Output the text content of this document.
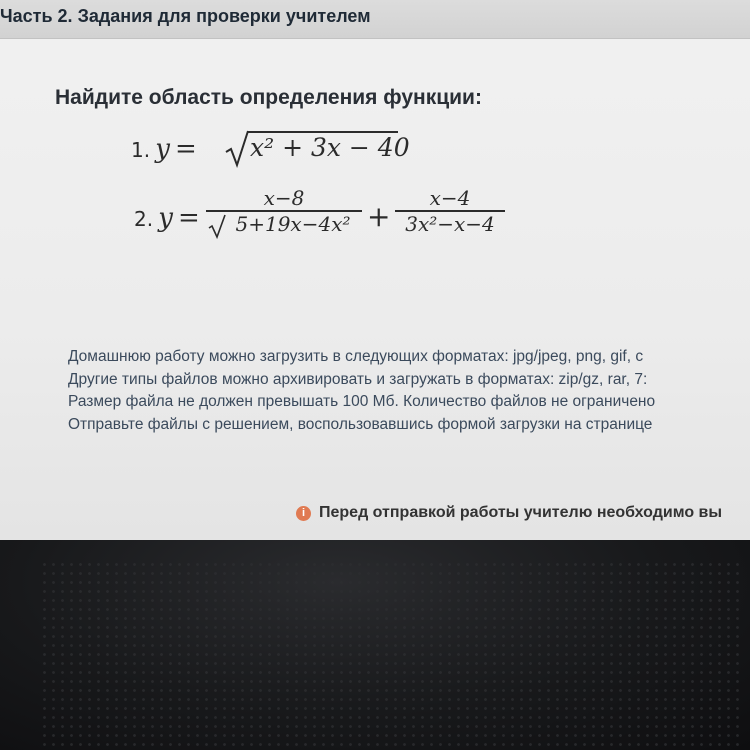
Часть 2. Задания для проверки учителем
Найдите область определения функции:
1. y = x² + 3x − 40
2. y =
x−8
5+19x−4x² +
x−4
3x²−x−4
Домашнюю работу можно загрузить в следующих форматах: jpg/jpeg, png, gif, c
Другие типы файлов можно архивировать и загружать в форматах: zip/gz, rar, 7:
Размер файла не должен превышать 100 Мб. Количество файлов не ограничено
Отправьте файлы с решением, воспользовавшись формой загрузки на странице
i Перед отправкой работы учителю необходимо вы
